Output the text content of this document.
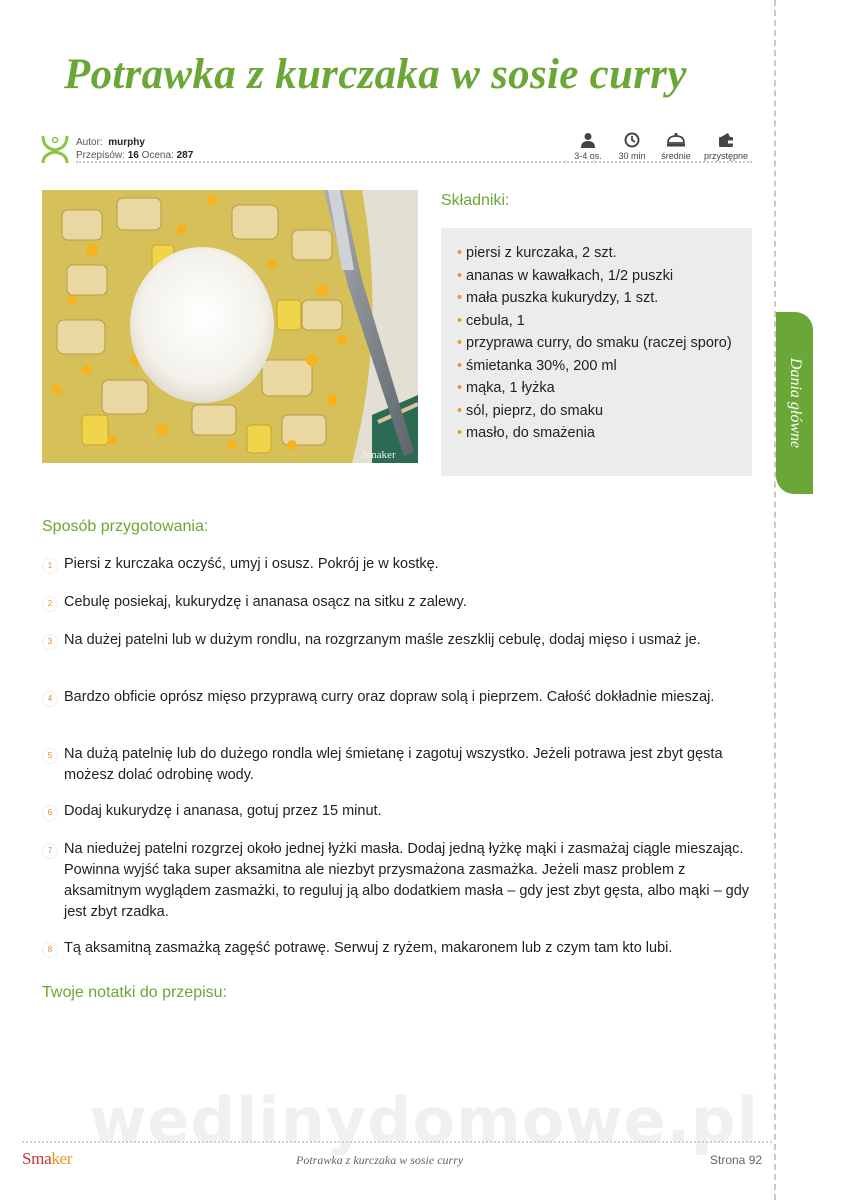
Potrawka z kurczaka w sosie curry
Autor: murphy
Przepisów: 16 Ocena: 287	3-4 os.	30 min	średnie	przystępne
Smaker
Składniki:
• piersi z kurczaka, 2 szt.
• ananas w kawałkach, 1/2 puszki
• mała puszka kukurydzy, 1 szt.
• cebula, 1
• przyprawa curry, do smaku (raczej sporo)
• śmietanka 30%, 200 ml
• mąka, 1 łyżka
• sól, pieprz, do smaku
• masło, do smażenia	Dania główne
Sposób przygotowania:
1 Piersi z kurczaka oczyść, umyj i osusz. Pokrój je w kostkę.

2 Cebulę posiekaj, kukurydzę i ananasa osącz na sitku z zalewy.

3 Na dużej patelni lub w dużym rondlu, na rozgrzanym maśle zeszklij cebulę, dodaj mięso i usmaż je.

4 Bardzo obficie oprósz mięso przyprawą curry oraz dopraw solą i pieprzem. Całość dokładnie mieszaj.

5 Na dużą patelnię lub do dużego rondla wlej śmietanę i zagotuj wszystko. Jeżeli potrawa jest zbyt gęsta możesz dolać odrobinę wody.

6 Dodaj kukurydzę i ananasa, gotuj przez 15 minut.

7 Na niedużej patelni rozgrzej około jednej łyżki masła. Dodaj jedną łyżkę mąki i zasmażaj ciągle mieszając. Powinna wyjść taka super aksamitna ale niezbyt przysmażona zasmażka. Jeżeli masz problem z aksamitnym wyglądem zasmażki, to reguluj ją albo dodatkiem masła – gdy jest zbyt gęsta, albo mąki – gdy jest zbyt rzadka.

8 Tą aksamitną zasmażką zagęść potrawę. Serwuj z ryżem, makaronem lub z czym tam kto lubi.

Twoje notatki do przepisu:
wedlinydomowe.pl
Smaker	Potrawka z kurczaka w sosie curry	Strona 92
